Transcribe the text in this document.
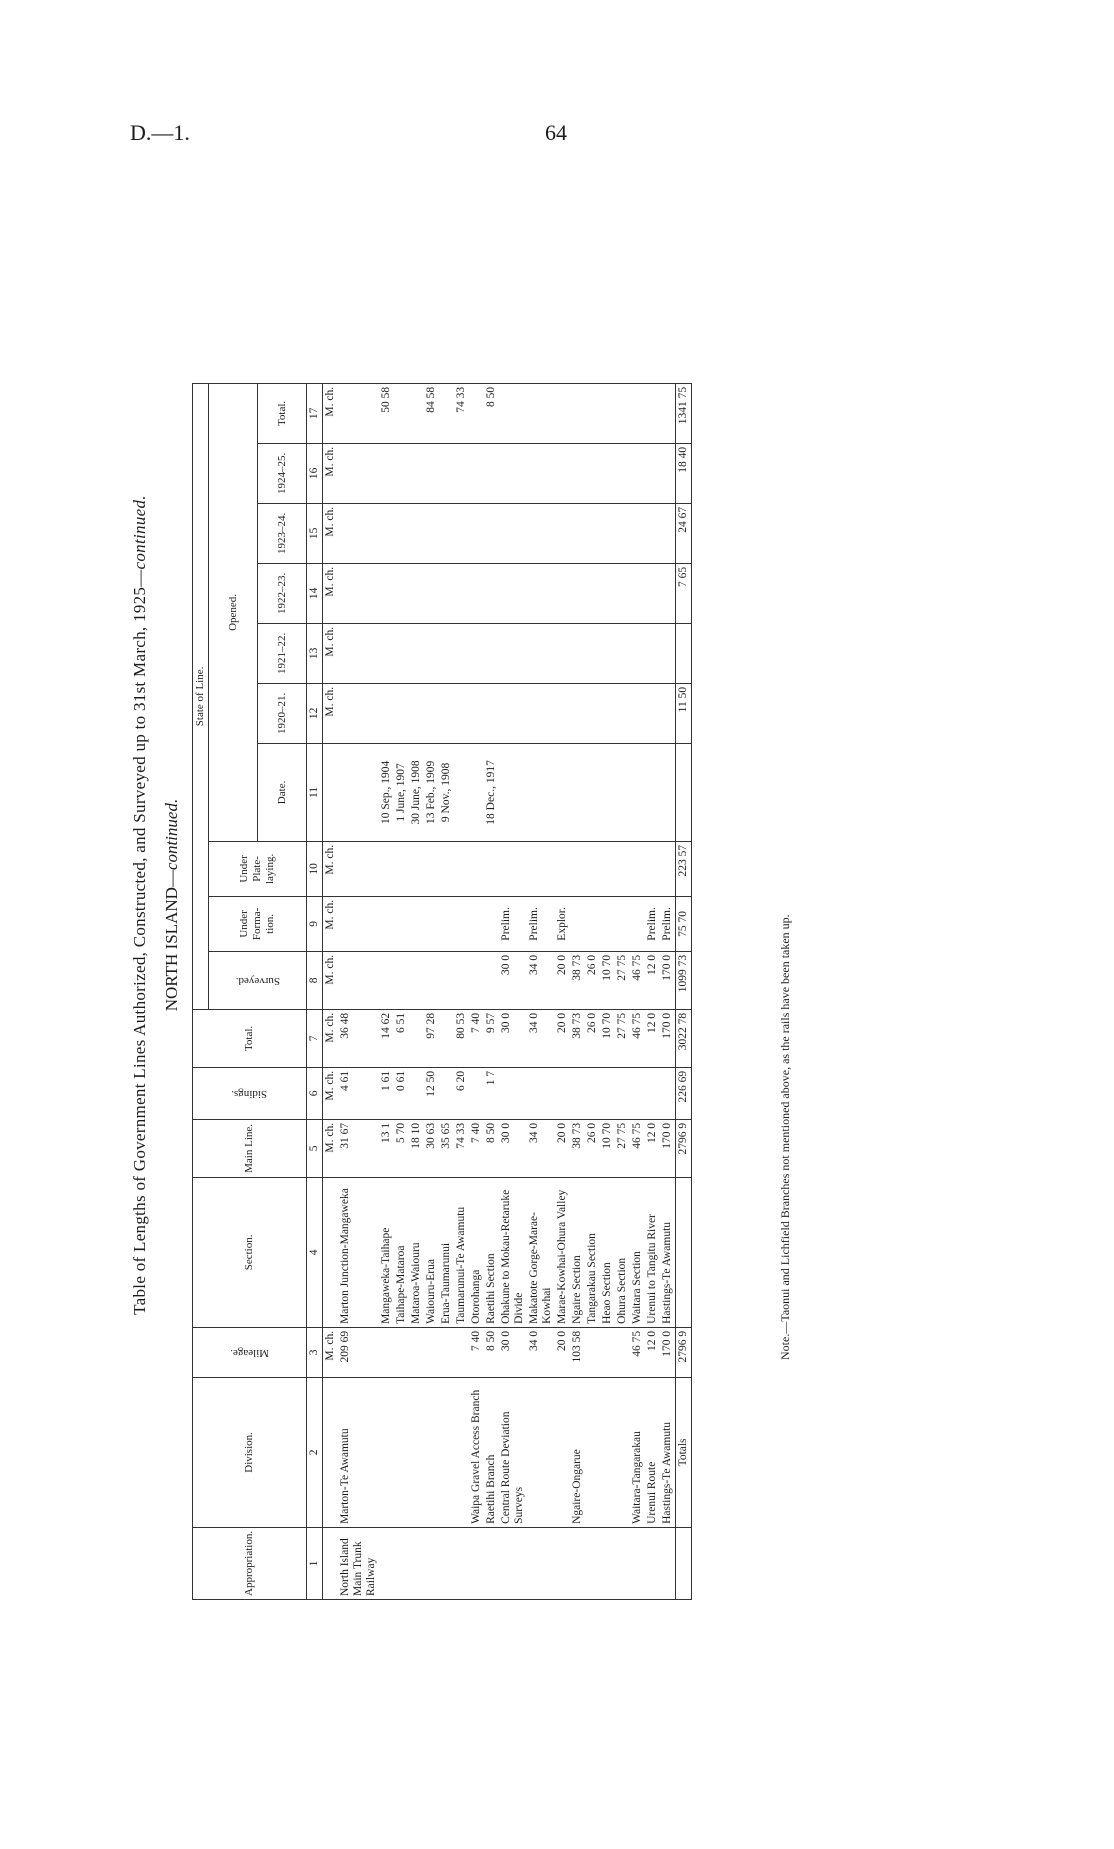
D.—1.	64
Table of Lengths of Government Lines Authorized, Constructed, and Surveyed up to 31st March, 1925—continued.
NORTH ISLAND—continued.
Appropriation.	Division.	Mileage.	Section.	Main Line.	Sidings.	Total.	State of Line.									

							Surveyed.	Under Forma-tion.	Under Plate-laying.	Opened.						
										Date.	1920–21.	1921–22.	1922–23.	1923–24.	1924–25.	Total.
1	2	3	4	5	6	7	8	9	10	11	12	13	14	15	16	17
		M. ch.		M. ch.	M. ch.	M. ch.	M. ch.	M. ch.	M. ch.		M. ch.	M. ch.	M. ch.	M. ch.	M. ch.	M. ch.
North Island Main Trunk Railway	Marton-Te Awamutu	209 69	Marton Junction-Mangaweka	31 67	4 61	36 48										
			Mangaweka-Taihape	13 1	1 61	14 62				10 Sep., 1904						50 58
			Taihape-Mataroa	5 70	0 61	6 51				1 June, 1907						
			Mataroa-Waiouru	18 10						30 June, 1908						
			Waiouru-Erua	30 63	12 50	97 28				13 Feb., 1909						84 58
			Erua-Taumarunui	35 65						9 Nov., 1908						
			Taumarunui-Te Awamutu	74 33	6 20	80 53										74 33
	Waipa Gravel Access Branch	7 40	Otorohanga	7 40		7 40										
	Raetihi Branch	8 50	Raetihi Section	8 50	1 7	9 57				18 Dec., 1917						8 50
	Central Route Deviation Surveys	30 0	Ohakune to Mokau-Retaruke Divide	30 0		30 0	30 0	Prelim.								
		34 0	Makatote Gorge-Marae-Kowhai	34 0		34 0	34 0	Prelim.								
		20 0	Marae-Kowhai-Ohura Valley	20 0		20 0	20 0	Explor.								
	Ngaire-Ongarue	103 58	Ngaire Section	38 73		38 73	38 73									
			Tangarakau Section	26 0		26 0	26 0									
			Heao Section	10 70		10 70	10 70									
			Ohura Section	27 75		27 75	27 75									
	Waitara-Tangarakau	46 75	Waitara Section	46 75		46 75	46 75									
	Urenui Route	12 0	Urenui to Tangitu River	12 0		12 0	12 0	Prelim.								
	Hastings-Te Awamutu	170 0	Hastings-Te Awamutu	170 0		170 0	170 0	Prelim.								
	Totals	2796 9		2796 9	226 69	3022 78	1099 73	75 70	223 57		11 50		7 65	24 67	18 40	1341 75
Note.—Taonui and Lichfield Branches not mentioned above, as the rails have been taken up.
